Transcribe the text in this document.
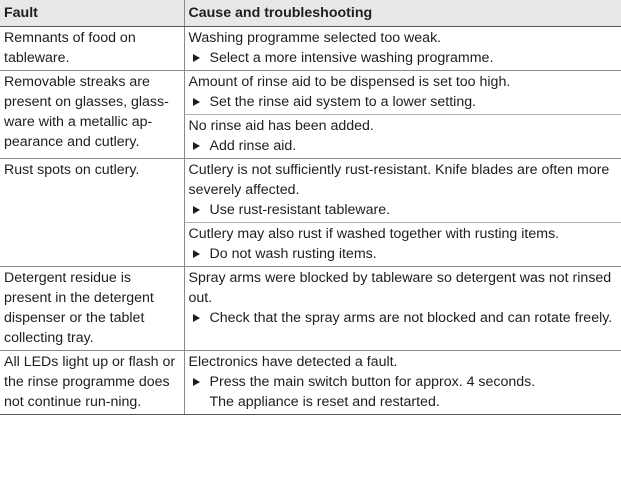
Fault	Cause and troubleshooting
Remnants of food on tableware.	Washing programme selected too weak.
Select a more intensive washing programme.

Removable streaks are present on glasses, glass-ware with a metallic ap-pearance and cutlery.	Amount of rinse aid to be dispensed is set too high.
Set the rinse aid system to a lower setting.

	No rinse aid has been added.
Add rinse aid.

Rust spots on cutlery.	Cutlery is not sufficiently rust-resistant. Knife blades are often more severely affected.
Use rust-resistant tableware.

	Cutlery may also rust if washed together with rusting items.
Do not wash rusting items.

Detergent residue is present in the detergent dispenser or the tablet collecting tray.	Spray arms were blocked by tableware so detergent was not rinsed out.
Check that the spray arms are not blocked and can rotate freely.

All LEDs light up or flash or the rinse programme does not continue run-ning.	Electronics have detected a fault.
Press the main switch button for approx. 4 seconds.
The appliance is reset and restarted.
